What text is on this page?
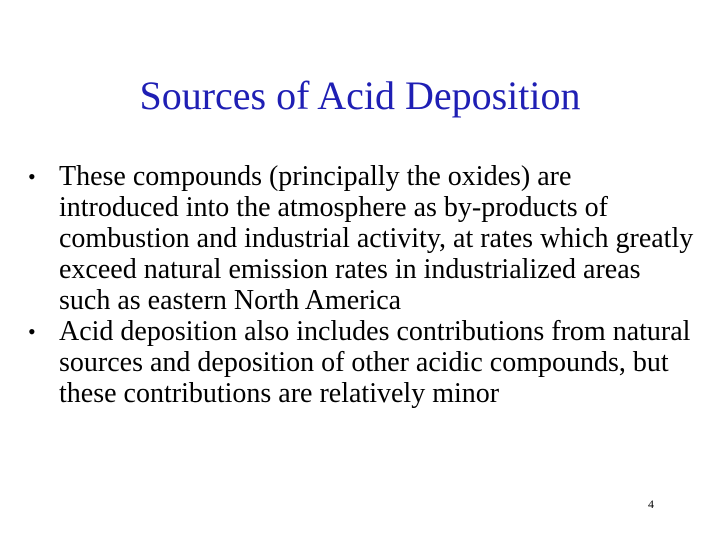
Sources of Acid Deposition
• These compounds (principally the oxides) are introduced into the atmosphere as by-products of combustion and industrial activity, at rates which greatly exceed natural emission rates in industrialized areas such as eastern North America
• Acid deposition also includes contributions from natural sources and deposition of other acidic compounds, but these contributions are relatively minor
4
